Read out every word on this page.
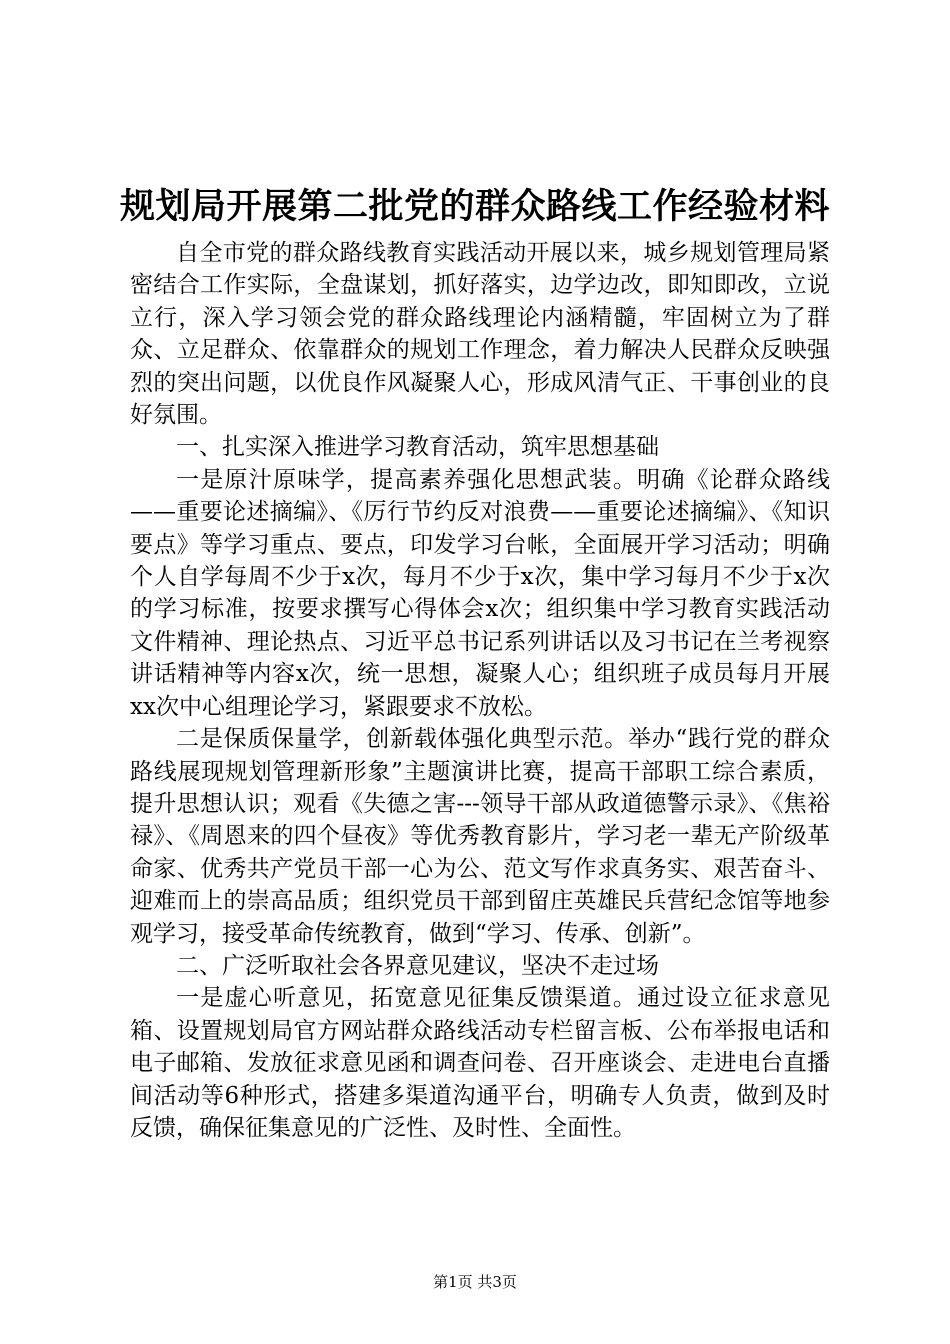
规划局开展第二批党的群众路线工作经验材料

自全市党的群众路线教育实践活动开展以来，城乡规划管理局紧密结合工作实际，全盘谋划，抓好落实，边学边改，即知即改，立说立行，深入学习领会党的群众路线理论内涵精髓，牢固树立为了群众、立足群众、依靠群众的规划工作理念，着力解决人民群众反映强烈的突出问题，以优良作风凝聚人心，形成风清气正、干事创业的良好氛围。

一、扎实深入推进学习教育活动，筑牢思想基础

一是原汁原味学，提高素养强化思想武装。明确《论群众路线——重要论述摘编》、《厉行节约反对浪费——重要论述摘编》、《知识要点》等学习重点、要点，印发学习台帐，全面展开学习活动；明确个人自学每周不少于x次，每月不少于x次，集中学习每月不少于x次的学习标准，按要求撰写心得体会x次；组织集中学习教育实践活动文件精神、理论热点、习近平总书记系列讲话以及习书记在兰考视察讲话精神等内容x次，统一思想，凝聚人心；组织班子成员每月开展xx次中心组理论学习，紧跟要求不放松。

二是保质保量学，创新载体强化典型示范。举办“践行党的群众路线展现规划管理新形象”主题演讲比赛，提高干部职工综合素质，提升思想认识；观看《失德之害---领导干部从政道德警示录》、《焦裕禄》、《周恩来的四个昼夜》等优秀教育影片，学习老一辈无产阶级革命家、优秀共产党员干部一心为公、范文写作求真务实、艰苦奋斗、迎难而上的崇高品质；组织党员干部到留庄英雄民兵营纪念馆等地参观学习，接受革命传统教育，做到“学习、传承、创新”。

二、广泛听取社会各界意见建议，坚决不走过场

一是虚心听意见，拓宽意见征集反馈渠道。通过设立征求意见箱、设置规划局官方网站群众路线活动专栏留言板、公布举报电话和电子邮箱、发放征求意见函和调查问卷、召开座谈会、走进电台直播间活动等6种形式，搭建多渠道沟通平台，明确专人负责，做到及时反馈，确保征集意见的广泛性、及时性、全面性。

第1页 共3页
